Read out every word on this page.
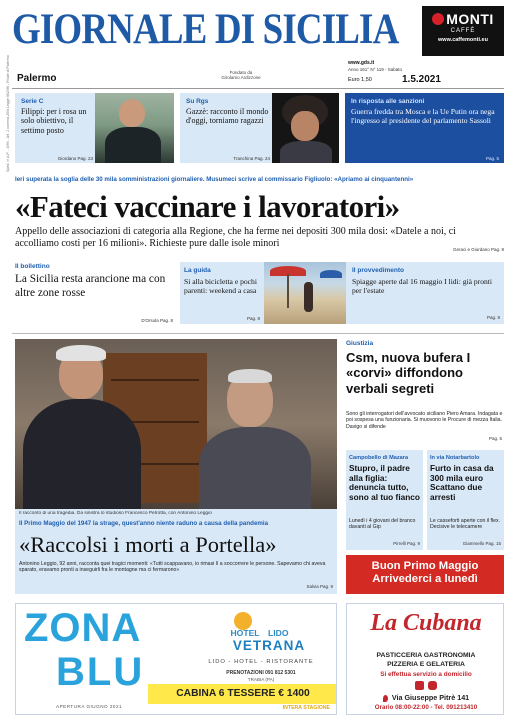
Sped. in A.P. - 45% - Art. 2 comma 20/b Legge 662/96 - Filiale di Palermo
GIORNALE DI SICILIA	MONTI
CAFFÈ
www.caffemonti.eu
Palermo
Fondato da
Girolamo Ardizzone
www.gds.it
Anno 161° N° 119 - Sabato
Euro 1,50	1.5.2021
Serie C
Filippi: per i rosa un solo obiettivo, il settimo posto
Giordano Pag. 23
Su Rgs
Gazzè: racconto il mondo d'oggi, torniamo ragazzi
Tranchina Pag. 24
In risposta alle sanzioni
Guerra fredda tra Mosca e la Ue Putin ora nega l'ingresso al presidente del parlamento Sassoli
Pag. 5
Ieri superata la soglia delle 30 mila somministrazioni giornaliere. Musumeci scrive al commissario Figliuolo: «Apriamo ai cinquantenni»
«Fateci vaccinare i lavoratori»
Appello delle associazioni di categoria alla Regione, che ha ferme nei depositi 300 mila dosi: «Datele a noi, ci accolliamo costi per 16 milioni». Richieste pure dalle isole minori
Geraci e Giordano Pag. 8
Il bollettino
La Sicilia resta arancione ma con altre zone rosse
D'Orsola Pag. 8
La guida
Si alla bicicletta e pochi parenti: weekend a casa
Pag. 8
Il provvedimento
Spiagge aperte dal 16 maggio I lidi: già pronti per l'estate
Pag. 8
Il racconto di una tragedia. Da sinistra lo studioso Francesco Petrotta, con Antonino Leggio
Il Primo Maggio del 1947 la strage, quest'anno niente raduno a causa della pandemia
«Raccolsi i morti a Portella»
Antonino Leggio, 92 anni, racconta quei tragici momenti: «Tutti scappavano, io rimasi lì a soccorrere le persone. Sapevamo chi aveva sparato, eravamo pronti a inseguirli fra le montagne ma ci fermarono»
Salvia Pag. 9
Giustizia
Csm, nuova bufera I «corvi» diffondono verbali segreti
Sono gli interrogatori dell'avvocato siciliano Piero Amara. Indagata e poi sospesa una funzionaria. Si muovono le Procure di mezza Italia. Davigo si difende
Pag. 5
Campobello di Mazara
Stupro, il padre alla figlia: denuncia tutto, sono al tuo fianco
Lunedì i 4 giovani del branco davanti al Gip
Pirrelli Pag. 9
In via Notarbartolo
Furto in casa da 300 mila euro Scattano due arresti
Le casseforti aperte con il flex. Decisive le telecamere
Giammello Pag. 15
Buon Primo Maggio
Arrivederci a lunedì
ZONA
BLU
APERTURA GIUGNO 2021
HOTEL LIDO
VETRANA
LIDO - HOTEL - RISTORANTE
PRENOTAZIONI 091 812 5301
TRABIA (PA)
CABINA 6 TESSERE € 1400
INTERA STAGIONE
La Cubana
PASTICCERIA GASTRONOMIA
PIZZERIA E GELATERIA
Si effettua servizio a domicilio
Via Giuseppe Pitrè 141
Orario 08:00-22:00 - Tel. 091213410
